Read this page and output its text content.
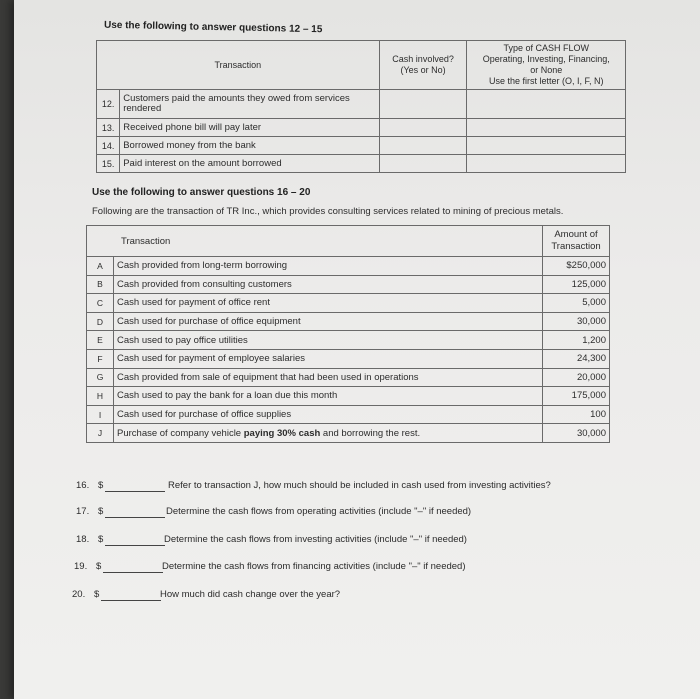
Use the following to answer questions 12 – 15
Transaction		Cash involved? (Yes or No)	Type of CASH FLOW
Operating, Investing, Financing,
or None
Use the first letter (O, I, F, N)

12.	Customers paid the amounts they owed from services rendered		
13.	Received phone bill will pay later		
14.	Borrowed money from the bank		
15.	Paid interest on the amount borrowed		
Use the following to answer questions 16 – 20
Following are the transaction of TR Inc., which provides consulting services related to mining of precious metals.
Transaction		Amount of
Transaction

A	Cash provided from long-term borrowing	$250,000
B	Cash provided from consulting customers	125,000
C	Cash used for payment of office rent	5,000
D	Cash used for purchase of office equipment	30,000
E	Cash used to pay office utilities	1,200
F	Cash used for payment of employee salaries	24,300
G	Cash provided from sale of equipment that had been used in operations	20,000
H	Cash used to pay the bank for a loan due this month	175,000
I	Cash used for purchase of office supplies	100
J	Purchase of company vehicle paying 30% cash and borrowing the rest.	30,000
16. $	Refer to transaction J, how much should be included in cash used from investing activities?
17. $	Determine the cash flows from operating activities (include "–" if needed)
18. $	Determine the cash flows from investing activities (include "–" if needed)
19. $	Determine the cash flows from financing activities (include "–" if needed)
20. $	How much did cash change over the year?
